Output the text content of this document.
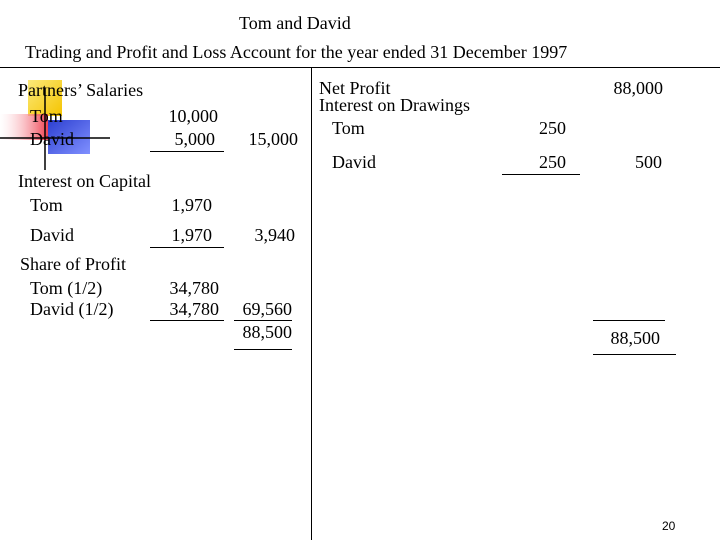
Tom and David
Trading and Profit and Loss Account for the year ended 31 December 1997
Partners’ Salaries
Tom	10,000
David	5,000	15,000
Interest on Capital
Tom	1,970
David	1,970	3,940
Share of Profit
Tom (1/2)	34,780
David (1/2)	34,780	69,560
88,500
Net Profit	88,000
Interest on Drawings
Tom	250
David	250	500
88,500
20
